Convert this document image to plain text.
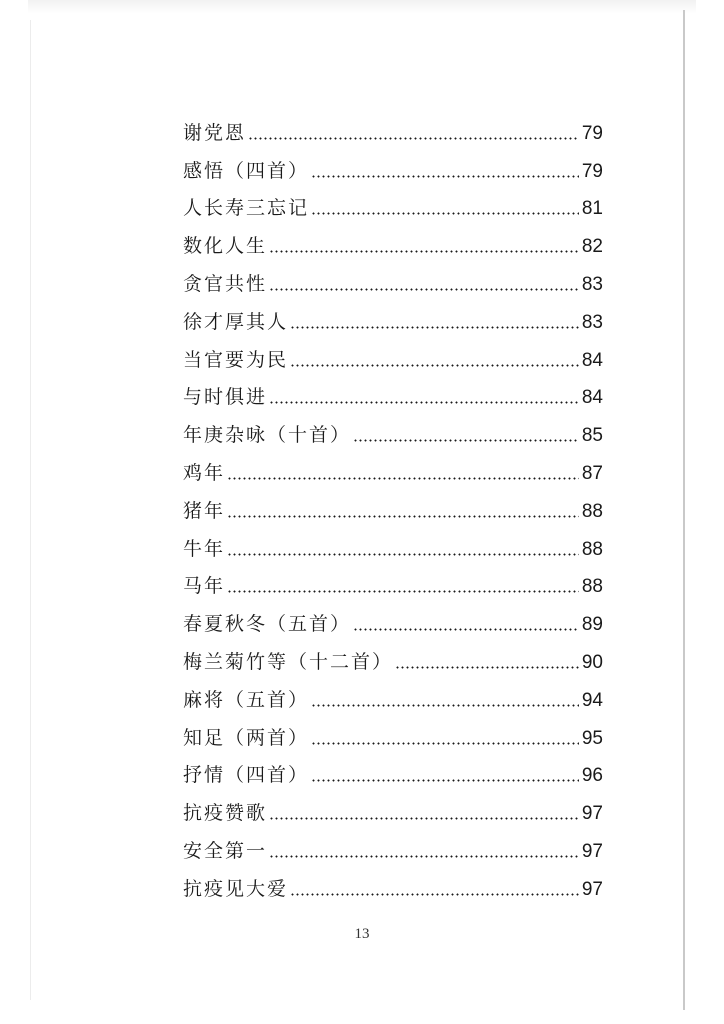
谢党恩	79
感悟（四首）	79
人长寿三忘记	81
数化人生	82
贪官共性	83
徐才厚其人	83
当官要为民	84
与时俱进	84
年庚杂咏（十首）	85
鸡年	87
猪年	88
牛年	88
马年	88
春夏秋冬（五首）	89
梅兰菊竹等（十二首）	90
麻将（五首）	94
知足（两首）	95
抒情（四首）	96
抗疫赞歌	97
安全第一	97
抗疫见大爱	97
13
